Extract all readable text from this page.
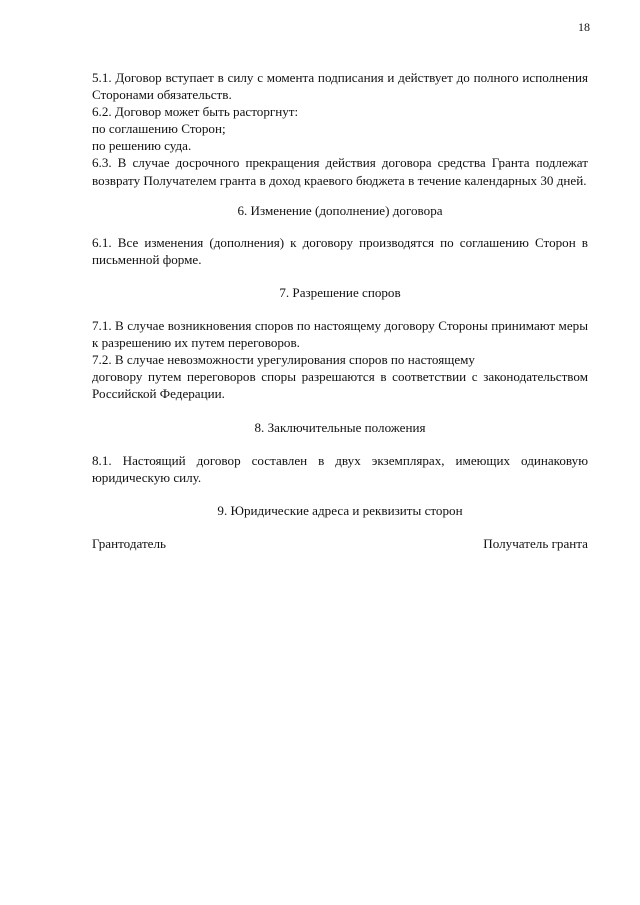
18

5.1. Договор вступает в силу с момента подписания и действует до полного исполнения Сторонами обязательств.

6.2. Договор может быть расторгнут:

по соглашению Сторон;

по решению суда.

6.3. В случае досрочного прекращения действия договора средства Гранта подлежат возврату Получателем гранта в доход краевого бюджета в течение календарных 30 дней.

6. Изменение (дополнение) договора

6.1. Все изменения (дополнения) к договору производятся по соглашению Сторон в письменной форме.

7. Разрешение споров

7.1. В случае возникновения споров по настоящему договору Стороны принимают меры к разрешению их путем переговоров.

7.2. В случае невозможности урегулирования споров по настоящему

договору путем переговоров споры разрешаются в соответствии с законодательством Российской Федерации.

8. Заключительные положения

8.1. Настоящий договор составлен в двух экземплярах, имеющих одинаковую юридическую силу.

9. Юридические адреса и реквизиты сторон

Грантодатель	Получатель гранта
